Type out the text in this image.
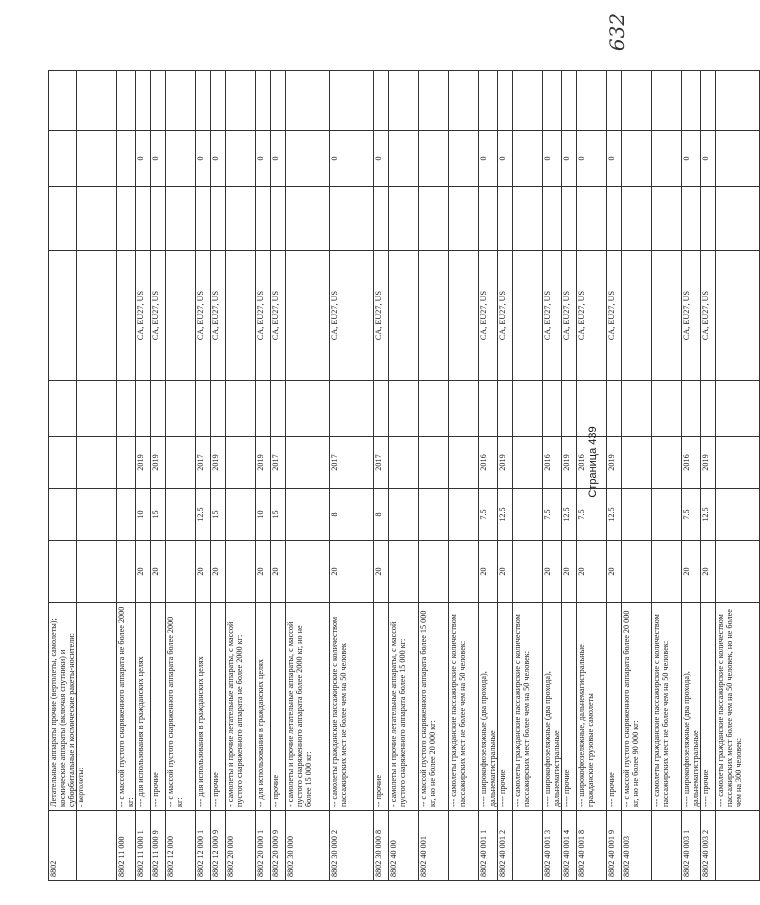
632
8802	Летательные аппараты прочие (вертолеты, самолеты); космические аппараты (включая спутники) и суборбитальные и космические ракеты-носители:								
	- вертолеты:								
8802 11 000	-- с массой пустого снаряженного аппарата не более 2000 кг:								
8802 11 000 1	--- для использования в гражданских целях	20	10	2019		CA, EU27, US		0	
8802 11 000 9	--- прочие	20	15	2019		CA, EU27, US		0	
8802 12 000	-- с массой пустого снаряженного аппарата более 2000 кг:								
8802 12 000 1	--- для использования в гражданских целях	20	12.5	2017		CA, EU27, US		0	
8802 12 000 9	--- прочие	20	15	2019		CA, EU27, US		0	
8802 20 000	- самолеты и прочие летательные аппараты, с массой пустого снаряженного аппарата не более 2000 кг:								
8802 20 000 1	-- для использования в гражданских целях	20	10	2019		CA, EU27, US		0	
8802 20 000 9	-- прочие	20	15	2017		CA, EU27, US		0	
8802 30 000	- самолеты и прочие летательные аппараты, с массой пустого снаряженного аппарата более 2000 кг, но не более 15 000 кг:								
8802 30 000 2	-- самолеты гражданские пассажирские с количеством пассажирских мест не более чем на 50 человек	20	8	2017		CA, EU27, US		0	
8802 30 000 8	-- прочие	20	8	2017		CA, EU27, US		0	
8802 40 00	- самолеты и прочие летательные аппараты, с массой пустого снаряженного аппарата более 15 000 кг:								
8802 40 001	-- с массой пустого снаряженного аппарата более 15 000 кг, но не более 20 000 кг:								
	--- самолеты гражданские пассажирские с количеством пассажирских мест не более чем на 50 человек:								
8802 40 001 1	---- широкофюзеляжные (два прохода), дальнемагистральные	20	7.5	2016		CA, EU27, US		0	
8802 40 001 2	---- прочие	20	12.5	2019		CA, EU27, US		0	
	--- самолеты гражданские пассажирские с количеством пассажирских мест более чем на 50 человек:								
8802 40 001 3	---- широкофюзеляжные (два прохода), дальнемагистральные	20	7.5	2016		CA, EU27, US		0	
8802 40 001 4	---- прочие	20	12.5	2019		CA, EU27, US		0	
8802 40 001 8	--- широкофюзеляжные, дальнемагистральные гражданские грузовые самолеты	20	7.5	2016		CA, EU27, US		0	
8802 40 001 9	--- прочие	20	12.5	2019		CA, EU27, US		0	
8802 40 003	-- с массой пустого снаряженного аппарата более 20 000 кг, но не более 90 000 кг:								
	--- самолеты гражданские пассажирские с количеством пассажирских мест не более чем на 50 человек:								
8802 40 003 1	---- широкофюзеляжные (два прохода), дальнемагистральные	20	7.5	2016		CA, EU27, US		0	
8802 40 003 2	---- прочие	20	12.5	2019		CA, EU27, US		0	
	--- самолеты гражданские пассажирские с количеством пассажирских мест более чем на 50 человек, но не более чем на 300 человек:								
Страница 439
